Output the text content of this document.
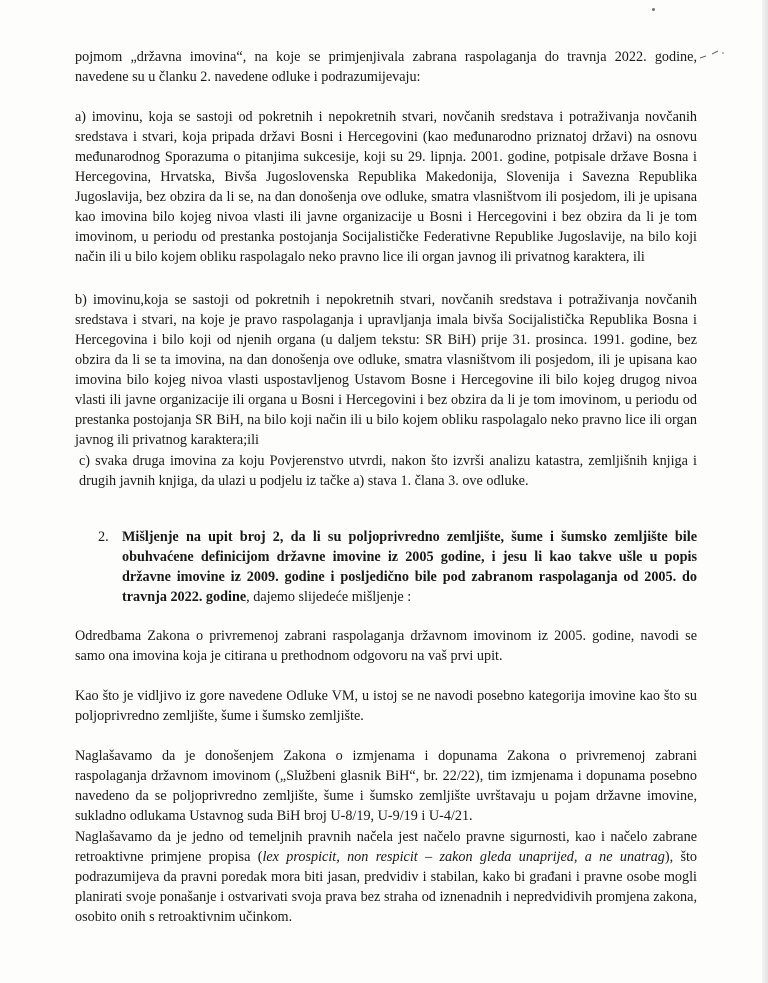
pojmom „državna imovina“, na koje se primjenjivala zabrana raspolaganja do travnja 2022. godine, navedene su u članku 2. navedene odluke i podrazumijevaju:
a) imovinu, koja se sastoji od pokretnih i nepokretnih stvari, novčanih sredstava i potraživanja novčanih sredstava i stvari, koja pripada državi Bosni i Hercegovini (kao međunarodno priznatoj državi) na osnovu međunarodnog Sporazuma o pitanjima sukcesije, koji su 29. lipnja. 2001. godine, potpisale države Bosna i Hercegovina, Hrvatska, Bivša Jugoslovenska Republika Makedonija, Slovenija i Savezna Republika Jugoslavija, bez obzira da li se, na dan donošenja ove odluke, smatra vlasništvom ili posjedom, ili je upisana kao imovina bilo kojeg nivoa vlasti ili javne organizacije u Bosni i Hercegovini i bez obzira da li je tom imovinom, u periodu od prestanka postojanja Socijalističke Federativne Republike Jugoslavije, na bilo koji način ili u bilo kojem obliku raspolagalo neko pravno lice ili organ javnog ili privatnog karaktera, ili
b) imovinu,koja se sastoji od pokretnih i nepokretnih stvari, novčanih sredstava i potraživanja novčanih sredstava i stvari, na koje je pravo raspolaganja i upravljanja imala bivša Socijalistička Republika Bosna i Hercegovina i bilo koji od njenih organa (u daljem tekstu: SR BiH) prije 31. prosinca. 1991. godine, bez obzira da li se ta imovina, na dan donošenja ove odluke, smatra vlasništvom ili posjedom, ili je upisana kao imovina bilo kojeg nivoa vlasti uspostavljenog Ustavom Bosne i Hercegovine ili bilo kojeg drugog nivoa vlasti ili javne organizacije ili organa u Bosni i Hercegovini i bez obzira da li je tom imovinom, u periodu od prestanka postojanja SR BiH, na bilo koji način ili u bilo kojem obliku raspolagalo neko pravno lice ili organ javnog ili privatnog karaktera;ili
c) svaka druga imovina za koju Povjerenstvo utvrdi, nakon što izvrši analizu katastra, zemljišnih knjiga i drugih javnih knjiga, da ulazi u podjelu iz tačke a) stava 1. člana 3. ove odluke.
2. Mišljenje na upit broj 2, da li su poljoprivredno zemljište, šume i šumsko zemljište bile obuhvaćene definicijom državne imovine iz 2005 godine, i jesu li kao takve ušle u popis državne imovine iz 2009. godine i posljedično bile pod zabranom raspolaganja od 2005. do travnja 2022. godine, dajemo slijedeće mišljenje :
Odredbama Zakona o privremenoj zabrani raspolaganja državnom imovinom iz 2005. godine, navodi se samo ona imovina koja je citirana u prethodnom odgovoru na vaš prvi upit.
Kao što je vidljivo iz gore navedene Odluke VM, u istoj se ne navodi posebno kategorija imovine kao što su poljoprivredno zemljište, šume i šumsko zemljište.
Naglašavamo da je donošenjem Zakona o izmjenama i dopunama Zakona o privremenoj zabrani raspolaganja državnom imovinom („Službeni glasnik BiH“, br. 22/22), tim izmjenama i dopunama posebno navedeno da se poljoprivredno zemljište, šume i šumsko zemljište uvrštavaju u pojam državne imovine, sukladno odlukama Ustavnog suda BiH broj U-8/19, U-9/19 i U-4/21.
Naglašavamo da je jedno od temeljnih pravnih načela jest načelo pravne sigurnosti, kao i načelo zabrane retroaktivne primjene propisa (lex prospicit, non respicit – zakon gleda unaprijed, a ne unatrag), što podrazumijeva da pravni poredak mora biti jasan, predvidiv i stabilan, kako bi građani i pravne osobe mogli planirati svoje ponašanje i ostvarivati svoja prava bez straha od iznenadnih i nepredvidivih promjena zakona, osobito onih s retroaktivnim učinkom.
